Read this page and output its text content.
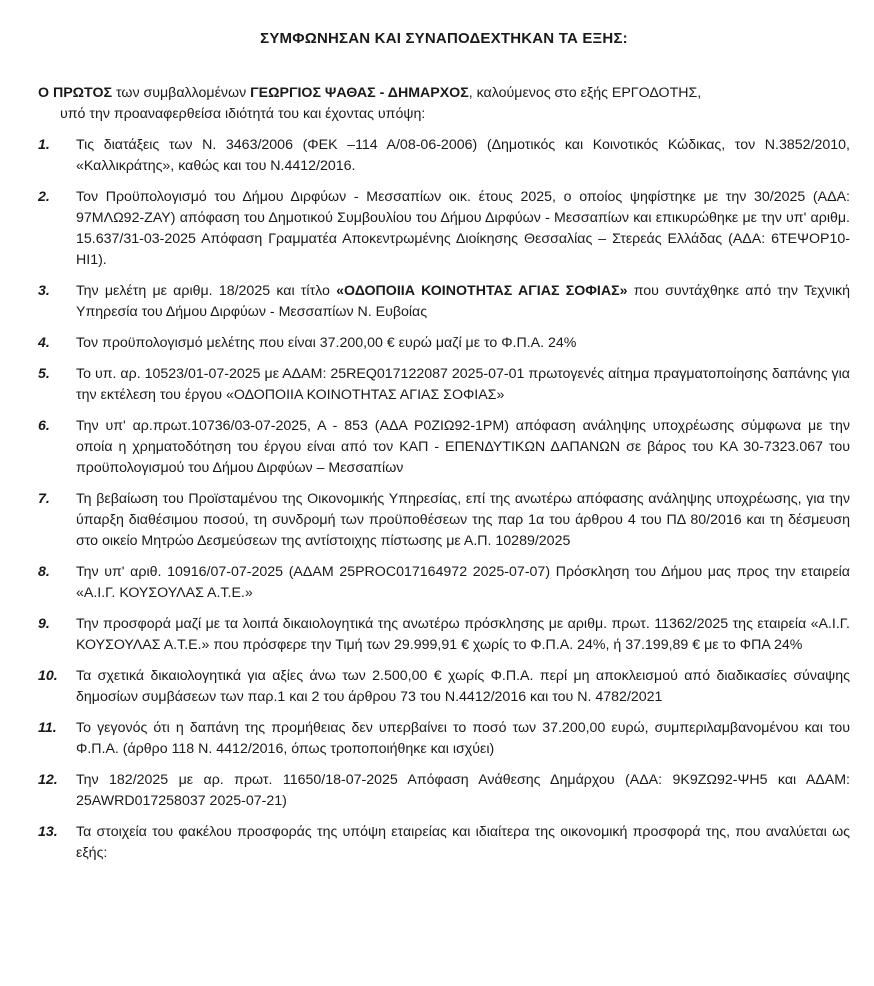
ΣΥΜΦΩΝΗΣΑΝ ΚΑΙ ΣΥΝΑΠΟΔΕΧΤΗΚΑΝ ΤΑ ΕΞΗΣ:
Ο ΠΡΩΤΟΣ των συμβαλλομένων ΓΕΩΡΓΙΟΣ ΨΑΘΑΣ - ΔΗΜΑΡΧΟΣ, καλούμενος στο εξής ΕΡΓΟΔΟΤΗΣ,
υπό την προαναφερθείσα ιδιότητά του και έχοντας υπόψη:
1.	Τις διατάξεις των Ν. 3463/2006 (ΦΕΚ –114 Α/08-06-2006) (Δημοτικός και Κοινοτικός Κώδικας, τον Ν.3852/2010, «Καλλικράτης», καθώς και του Ν.4412/2016.
2.	Τον Προϋπολογισμό του Δήμου Διρφύων - Μεσσαπίων οικ. έτους 2025, ο οποίος ψηφίστηκε με την 30/2025 (ΑΔΑ: 97ΜΛΩ92-ΖΑΥ) απόφαση του Δημοτικού Συμβουλίου του Δήμου Διρφύων - Μεσσαπίων και επικυρώθηκε με την υπ' αριθμ. 15.637/31-03-2025 Απόφαση Γραμματέα Αποκεντρωμένης Διοίκησης Θεσσαλίας – Στερεάς Ελλάδας (ΑΔΑ: 6ΤΕΨΟΡ10-ΗΙ1).
3.	Την μελέτη με αριθμ. 18/2025 και τίτλο «ΟΔΟΠΟΙΙΑ ΚΟΙΝΟΤΗΤΑΣ ΑΓΙΑΣ ΣΟΦΙΑΣ» που συντάχθηκε από την Τεχνική Υπηρεσία του Δήμου Διρφύων - Μεσσαπίων Ν. Ευβοίας
4.	Τον προϋπολογισμό μελέτης που είναι 37.200,00 € ευρώ μαζί με το Φ.Π.Α. 24%
5.	Το υπ. αρ. 10523/01-07-2025 με ΑΔΑΜ: 25REQ017122087 2025-07-01 πρωτογενές αίτημα πραγματοποίησης δαπάνης για την εκτέλεση του έργου «ΟΔΟΠΟΙΙΑ ΚΟΙΝΟΤΗΤΑΣ ΑΓΙΑΣ ΣΟΦΙΑΣ»
6.	Την υπ' αρ.πρωτ.10736/03-07-2025, Α - 853 (ΑΔΑ Ρ0ΖΙΩ92-1ΡΜ) απόφαση ανάληψης υποχρέωσης σύμφωνα με την οποία η χρηματοδότηση του έργου είναι από τον ΚΑΠ - ΕΠΕΝΔΥΤΙΚΩΝ ΔΑΠΑΝΩΝ σε βάρος του ΚΑ 30-7323.067 του προϋπολογισμού του Δήμου Διρφύων – Μεσσαπίων
7.	Τη βεβαίωση του Προϊσταμένου της Οικονομικής Υπηρεσίας, επί της ανωτέρω απόφασης ανάληψης υποχρέωσης, για την ύπαρξη διαθέσιμου ποσού, τη συνδρομή των προϋποθέσεων της παρ 1α του άρθρου 4 του ΠΔ 80/2016 και τη δέσμευση στο οικείο Μητρώο Δεσμεύσεων της αντίστοιχης πίστωσης με Α.Π. 10289/2025
8.	Την υπ' αριθ. 10916/07-07-2025 (ΑΔΑΜ 25PROC017164972 2025-07-07) Πρόσκληση του Δήμου μας προς την εταιρεία «Α.Ι.Γ. ΚΟΥΣΟΥΛΑΣ Α.Τ.Ε.»
9.	Την προσφορά μαζί με τα λοιπά δικαιολογητικά της ανωτέρω πρόσκλησης με αριθμ. πρωτ. 11362/2025 της εταιρεία «Α.Ι.Γ. ΚΟΥΣΟΥΛΑΣ Α.Τ.Ε.» που πρόσφερε την Τιμή των 29.999,91 € χωρίς το Φ.Π.Α. 24%, ή 37.199,89 € με το ΦΠΑ 24%
10.	Τα σχετικά δικαιολογητικά για αξίες άνω των 2.500,00 € χωρίς Φ.Π.Α. περί μη αποκλεισμού από διαδικασίες σύναψης δημοσίων συμβάσεων των παρ.1 και 2 του άρθρου 73 του Ν.4412/2016 και του Ν. 4782/2021
11.	Το γεγονός ότι η δαπάνη της προμήθειας δεν υπερβαίνει το ποσό των 37.200,00 ευρώ, συμπεριλαμβανομένου και του Φ.Π.Α. (άρθρο 118 Ν. 4412/2016, όπως τροποποιήθηκε και ισχύει)
12.	Την 182/2025 με αρ. πρωτ. 11650/18-07-2025 Απόφαση Ανάθεσης Δημάρχου (ΑΔΑ: 9Κ9ΖΩ92-ΨΗ5 και ΑΔΑΜ: 25AWRD017258037 2025-07-21)
13.	Τα στοιχεία του φακέλου προσφοράς της υπόψη εταιρείας και ιδιαίτερα της οικονομική προσφορά της, που αναλύεται ως εξής:
